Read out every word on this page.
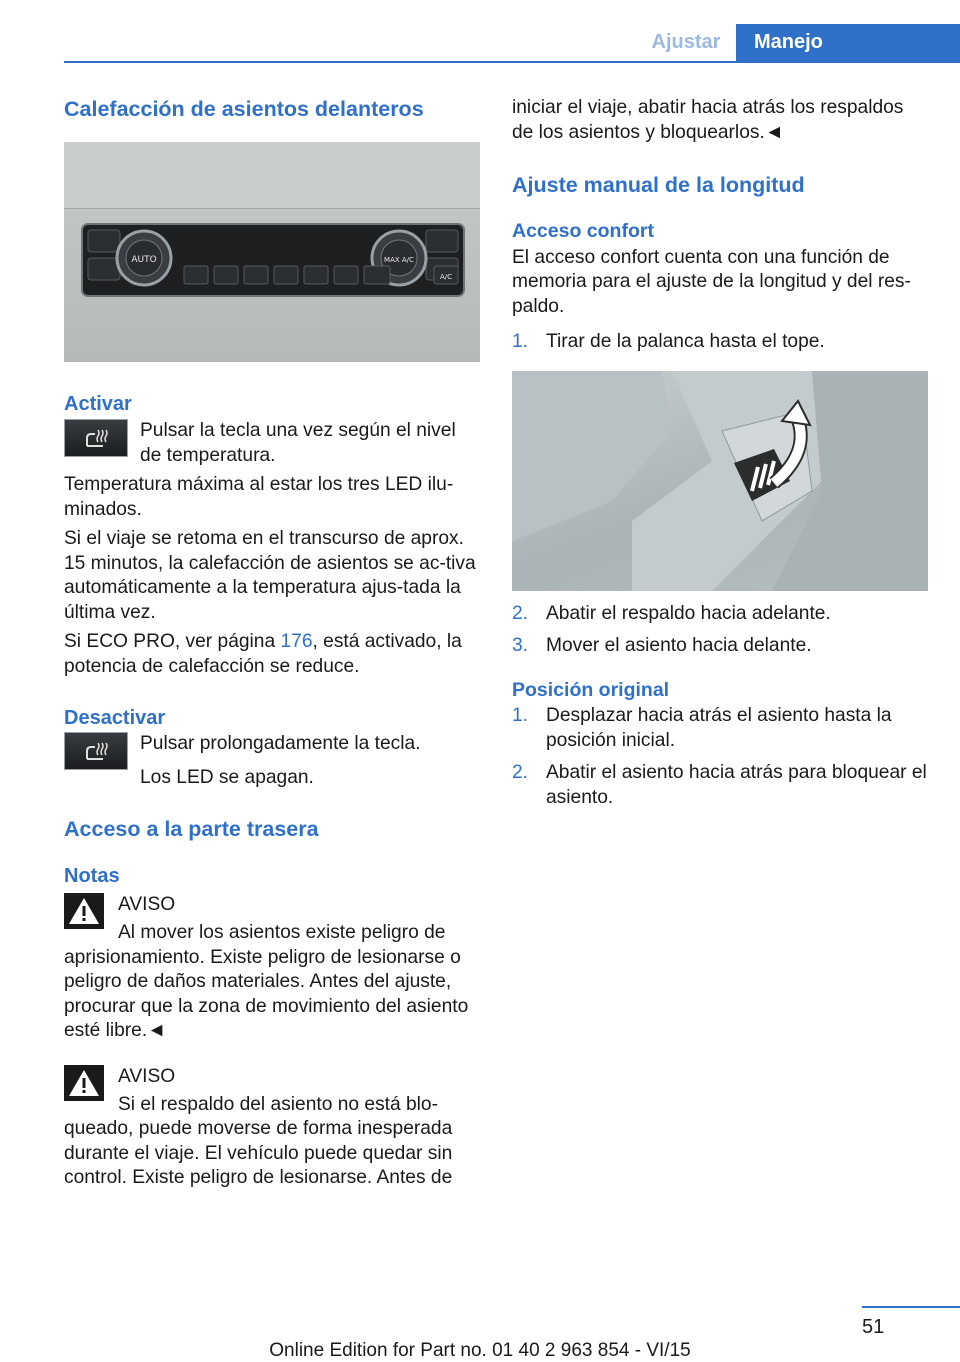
Ajustar	Manejo
Calefacción de asientos delanteros
AUTO	MAX A/C
A/C
Activar

Pulsar la tecla una vez según el nivel de temperatura.

Temperatura máxima al estar los tres LED ilu-minados.

Si el viaje se retoma en el transcurso de aprox. 15 minutos, la calefacción de asientos se ac-tiva automáticamente a la temperatura ajus-tada la última vez.

Si ECO PRO, ver página 176, está activado, la potencia de calefacción se reduce.

Desactivar

Pulsar prolongadamente la tecla.

Los LED se apagan.

Acceso a la parte trasera
Notas

AVISO

Al mover los asientos existe peligro de aprisionamiento. Existe peligro de lesionarse o peligro de daños materiales. Antes del ajuste, procurar que la zona de movimiento del asiento esté libre.◄

AVISO

Si el respaldo del asiento no está blo-queado, puede moverse de forma inesperada durante el viaje. El vehículo puede quedar sin control. Existe peligro de lesionarse. Antes de

iniciar el viaje, abatir hacia atrás los respaldos de los asientos y bloquearlos.◄

Ajuste manual de la longitud
Acceso confort

El acceso confort cuenta con una función de memoria para el ajuste de la longitud y del res-paldo.

1. Tirar de la palanca hasta el tope.
2. Abatir el respaldo hacia adelante.
3. Mover el asiento hacia delante.
Posición original
1. Desplazar hacia atrás el asiento hasta la posición inicial.
2. Abatir el asiento hacia atrás para bloquear el asiento.
51
Online Edition for Part no. 01 40 2 963 854 - VI/15
